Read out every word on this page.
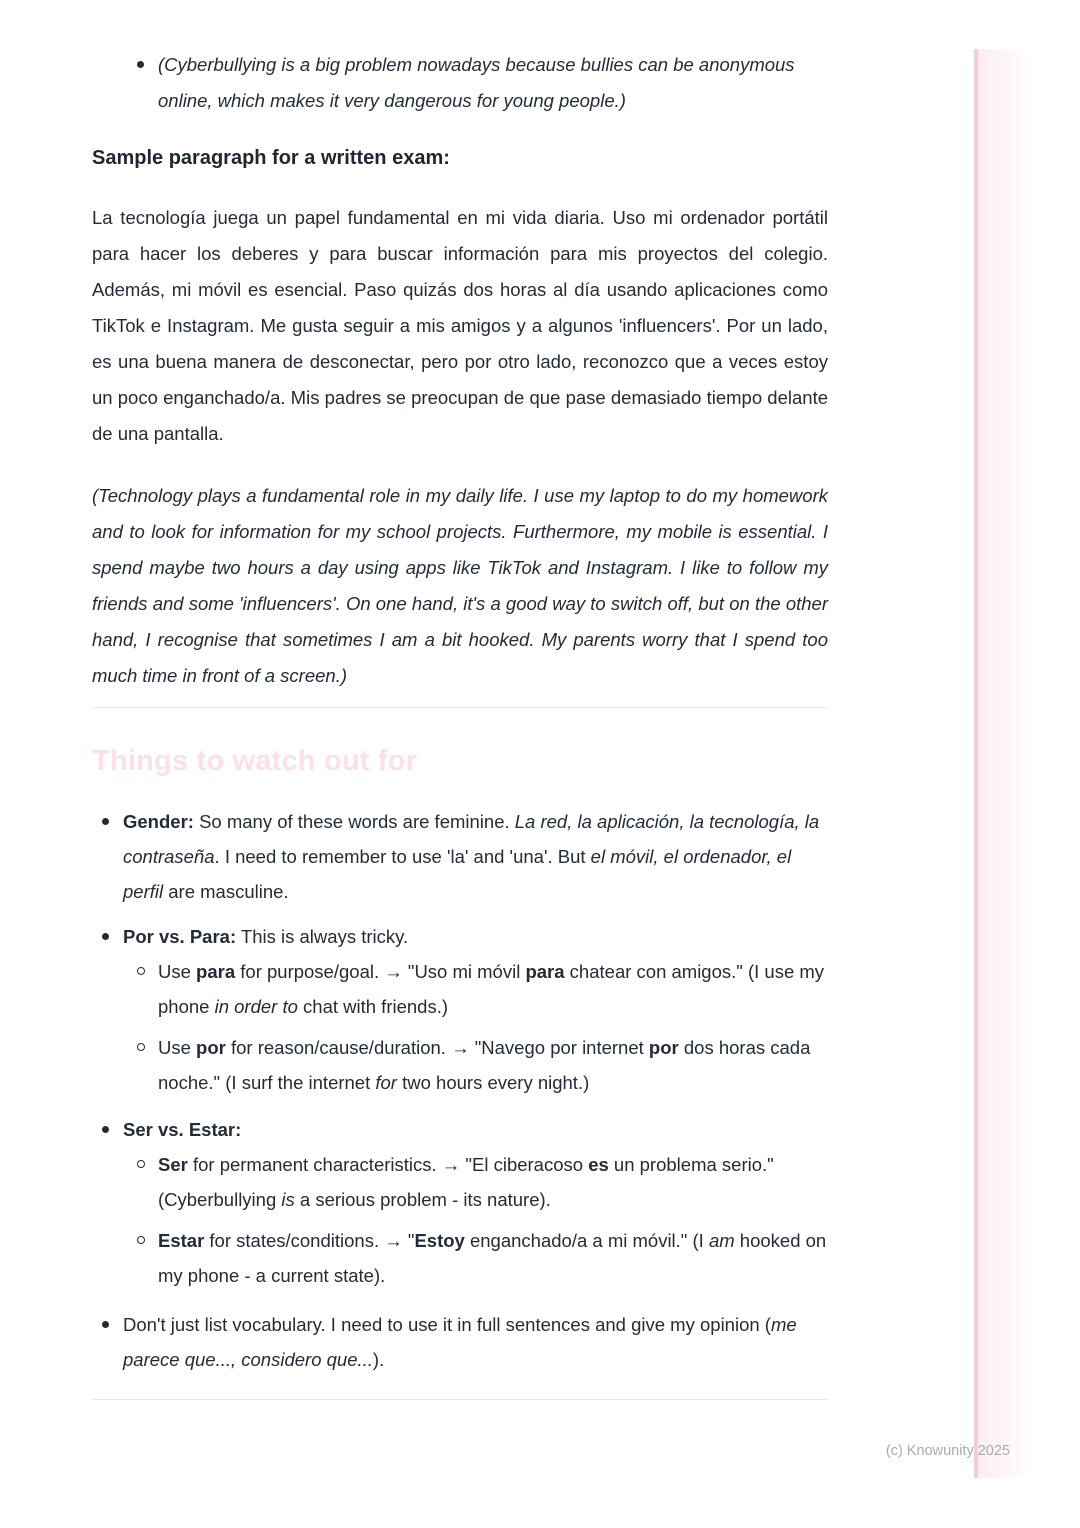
(Cyberbullying is a big problem nowadays because bullies can be anonymous online, which makes it very dangerous for young people.)
Sample paragraph for a written exam:

La tecnología juega un papel fundamental en mi vida diaria. Uso mi ordenador portátil para hacer los deberes y para buscar información para mis proyectos del colegio. Además, mi móvil es esencial. Paso quizás dos horas al día usando aplicaciones como TikTok e Instagram. Me gusta seguir a mis amigos y a algunos 'influencers'. Por un lado, es una buena manera de desconectar, pero por otro lado, reconozco que a veces estoy un poco enganchado/a. Mis padres se preocupan de que pase demasiado tiempo delante de una pantalla.

(Technology plays a fundamental role in my daily life. I use my laptop to do my homework and to look for information for my school projects. Furthermore, my mobile is essential. I spend maybe two hours a day using apps like TikTok and Instagram. I like to follow my friends and some 'influencers'. On one hand, it's a good way to switch off, but on the other hand, I recognise that sometimes I am a bit hooked. My parents worry that I spend too much time in front of a screen.)

Things to watch out for
Gender: So many of these words are feminine. La red, la aplicación, la tecnología, la contraseña. I need to remember to use 'la' and 'una'. But el móvil, el ordenador, el perfil are masculine.
Por vs. Para: This is always tricky.
Use para for purpose/goal. → "Uso mi móvil para chatear con amigos." (I use my phone in order to chat with friends.)
Use por for reason/cause/duration. → "Navego por internet por dos horas cada noche." (I surf the internet for two hours every night.)
Ser vs. Estar:
Ser for permanent characteristics. → "El ciberacoso es un problema serio." (Cyberbullying is a serious problem - its nature).
Estar for states/conditions. → "Estoy enganchado/a a mi móvil." (I am hooked on my phone - a current state).
Don't just list vocabulary. I need to use it in full sentences and give my opinion (me parece que..., considero que...).
(c) Knowunity 2025
